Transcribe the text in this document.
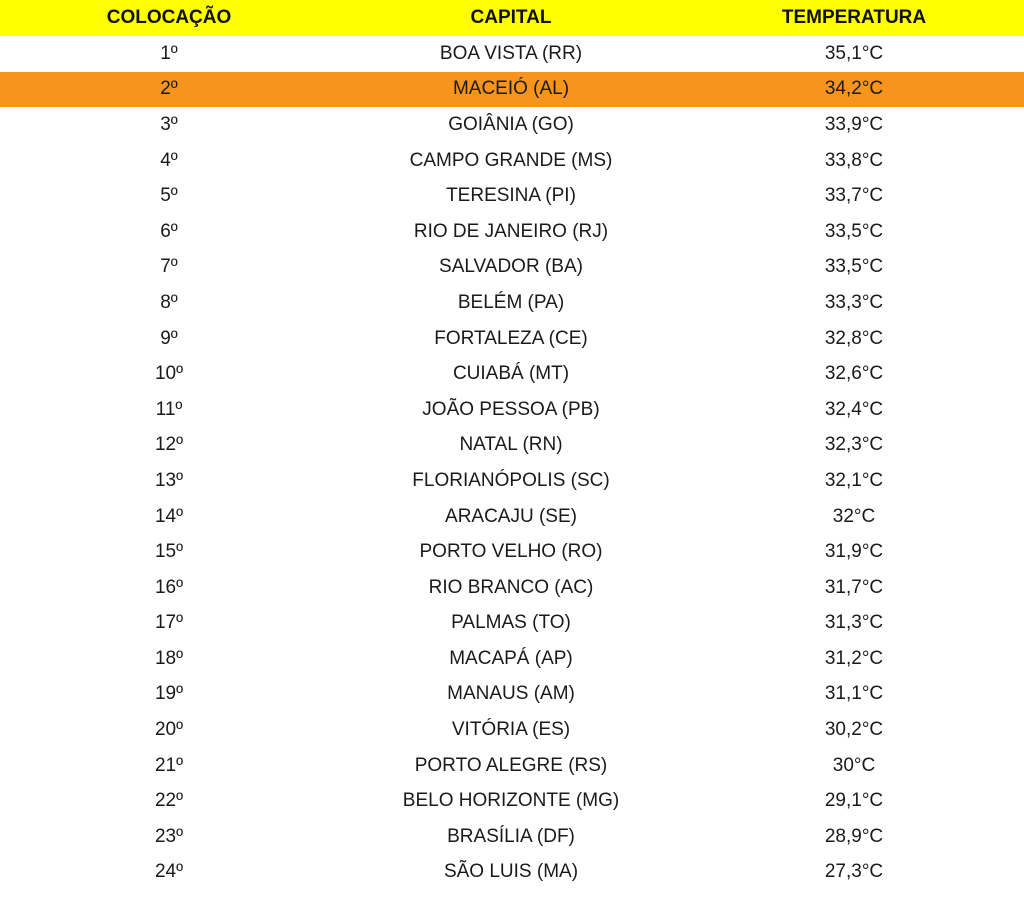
COLOCAÇÃO	CAPITAL	TEMPERATURA
1º	BOA VISTA (RR)	35,1°C
2º	MACEIÓ (AL)	34,2°C
3º	GOIÂNIA (GO)	33,9°C
4º	CAMPO GRANDE (MS)	33,8°C
5º	TERESINA (PI)	33,7°C
6º	RIO DE JANEIRO (RJ)	33,5°C
7º	SALVADOR (BA)	33,5°C
8º	BELÉM (PA)	33,3°C
9º	FORTALEZA (CE)	32,8°C
10º	CUIABÁ (MT)	32,6°C
11º	JOÃO PESSOA (PB)	32,4°C
12º	NATAL (RN)	32,3°C
13º	FLORIANÓPOLIS (SC)	32,1°C
14º	ARACAJU (SE)	32°C
15º	PORTO VELHO (RO)	31,9°C
16º	RIO BRANCO (AC)	31,7°C
17º	PALMAS (TO)	31,3°C
18º	MACAPÁ (AP)	31,2°C
19º	MANAUS (AM)	31,1°C
20º	VITÓRIA (ES)	30,2°C
21º	PORTO ALEGRE (RS)	30°C
22º	BELO HORIZONTE (MG)	29,1°C
23º	BRASÍLIA (DF)	28,9°C
24º	SÃO LUIS (MA)	27,3°C
